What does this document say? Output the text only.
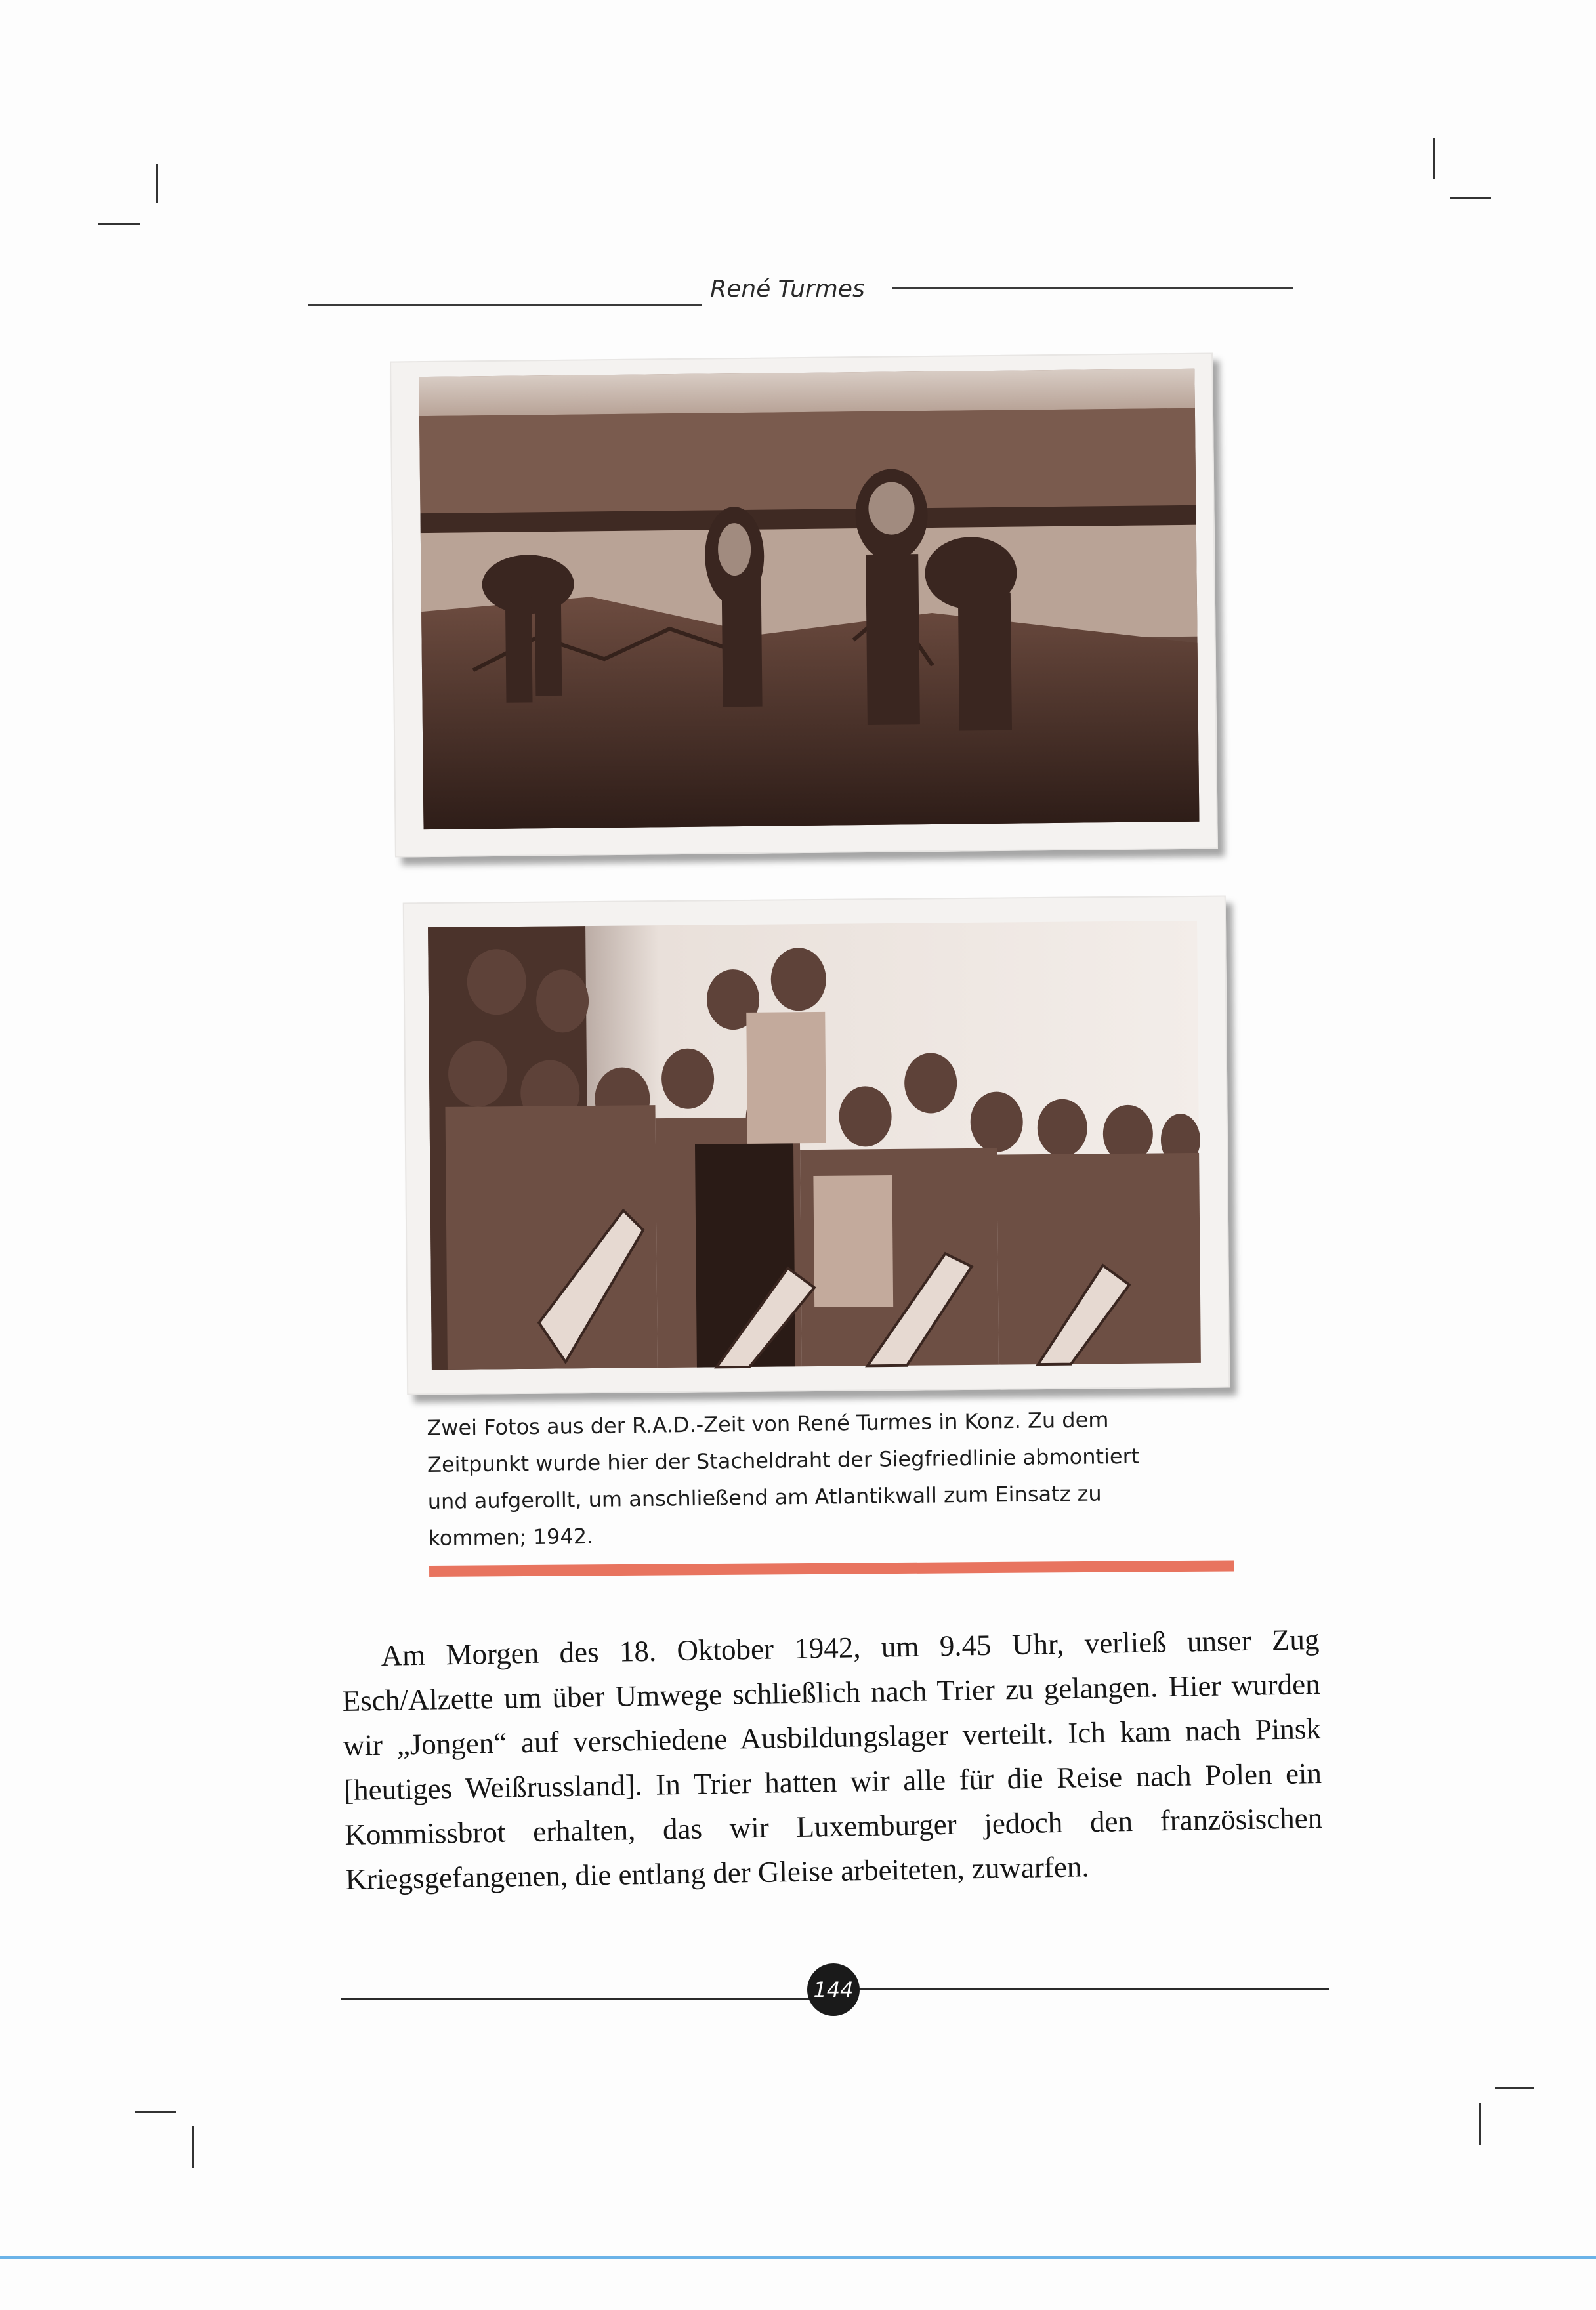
René Turmes
Zwei Fotos aus der R.A.D.-Zeit von René Turmes in Konz. Zu dem
Zeitpunkt wurde hier der Stacheldraht der Siegfriedlinie abmontiert
und aufgerollt, um anschließend am Atlantikwall zum Einsatz zu
kommen; 1942.

Am Morgen des 18. Oktober 1942, um 9.45 Uhr, verließ unser Zug Esch/Alzette um über Umwege schließlich nach Trier zu gelangen. Hier wurden wir „Jongen“ auf verschiedene Ausbildungslager verteilt. Ich kam nach Pinsk [heutiges Weißrussland]. In Trier hatten wir alle für die Reise nach Polen ein Kommissbrot erhalten, das wir Luxemburger jedoch den französischen Kriegsgefangenen, die entlang der Gleise arbeiteten, zuwarfen.

144
